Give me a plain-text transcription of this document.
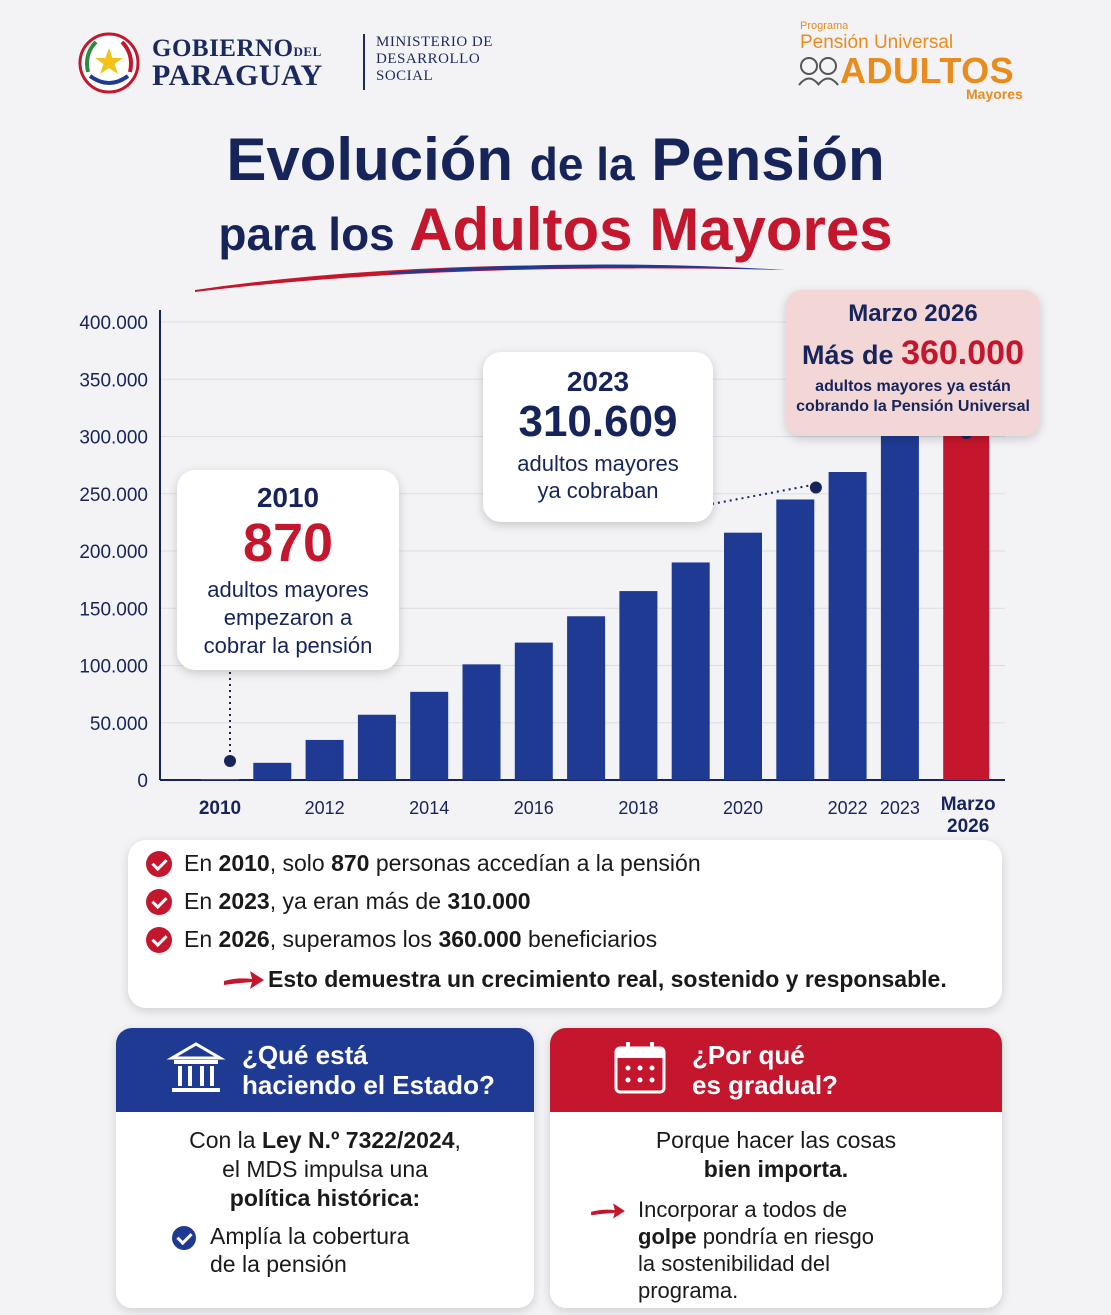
GOBIERNODEL
PARAGUAY
MINISTERIO DE
DESARROLLO
SOCIAL
Programa
Pensión Universal
ADULTOS
Mayores
Evolución de la Pensión
para los Adultos Mayores
0
50.000
100.000
150.000
200.000
250.000
300.000
350.000
400.000
2010	2012	2014	2016	2018	2020	2022 2023 Marzo
2026
2010
870
adultos mayores
empezaron a
cobrar la pensión
2023
310.609
adultos mayores
ya cobraban
Marzo 2026
Más de 360.000
adultos mayores ya están
cobrando la Pensión Universal
En
2010 , solo
870
personas accedían a la pensión
En
2023 , ya eran más de
310.000
En
2026 , superamos los
360.000
beneficiarios
Esto demuestra un crecimiento real, sostenido y responsable.
¿Qué está
haciendo el Estado?
Con la Ley N.º 7322/2024,
el MDS impulsa una
política histórica:
Amplía la cobertura
de la pensión
¿Por qué
es gradual?
Porque hacer las cosas
bien importa.
Incorporar a todos de
golpe pondría en riesgo
la sostenibilidad del
programa.
